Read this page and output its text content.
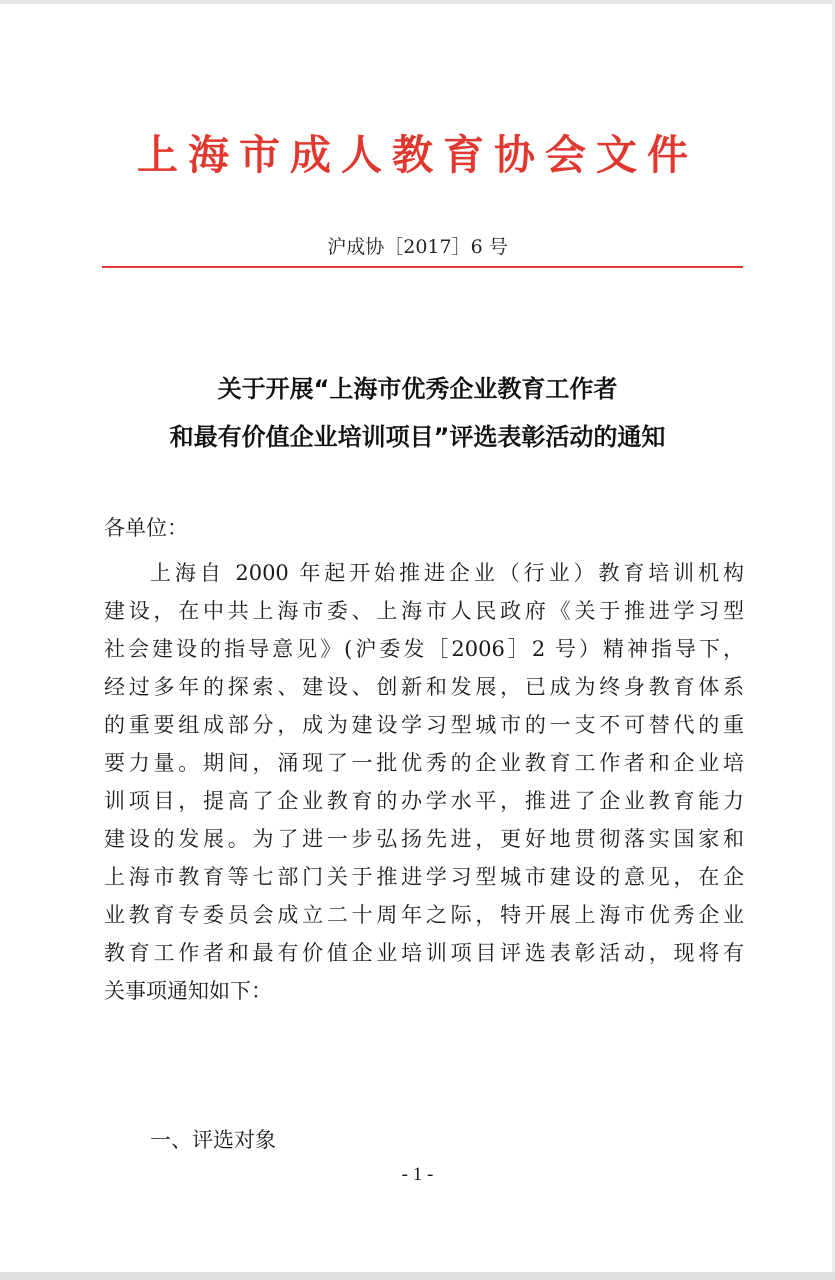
上海市成人教育协会文件
沪成协［2017］6 号
关于开展“上海市优秀企业教育工作者
和最有价值企业培训项目”评选表彰活动的通知
各单位：
上海自 2000 年起开始推进企业（行业）教育培训机构
建设，在中共上海市委、上海市人民政府《关于推进学习型
社会建设的指导意见》(沪委发［2006］2 号）精神指导下，
经过多年的探索、建设、创新和发展，已成为终身教育体系
的重要组成部分，成为建设学习型城市的一支不可替代的重
要力量。期间，涌现了一批优秀的企业教育工作者和企业培
训项目，提高了企业教育的办学水平，推进了企业教育能力
建设的发展。为了进一步弘扬先进，更好地贯彻落实国家和
上海市教育等七部门关于推进学习型城市建设的意见，在企
业教育专委员会成立二十周年之际，特开展上海市优秀企业
教育工作者和最有价值企业培训项目评选表彰活动，现将有
关事项通知如下：
一、评选对象
- 1 -
